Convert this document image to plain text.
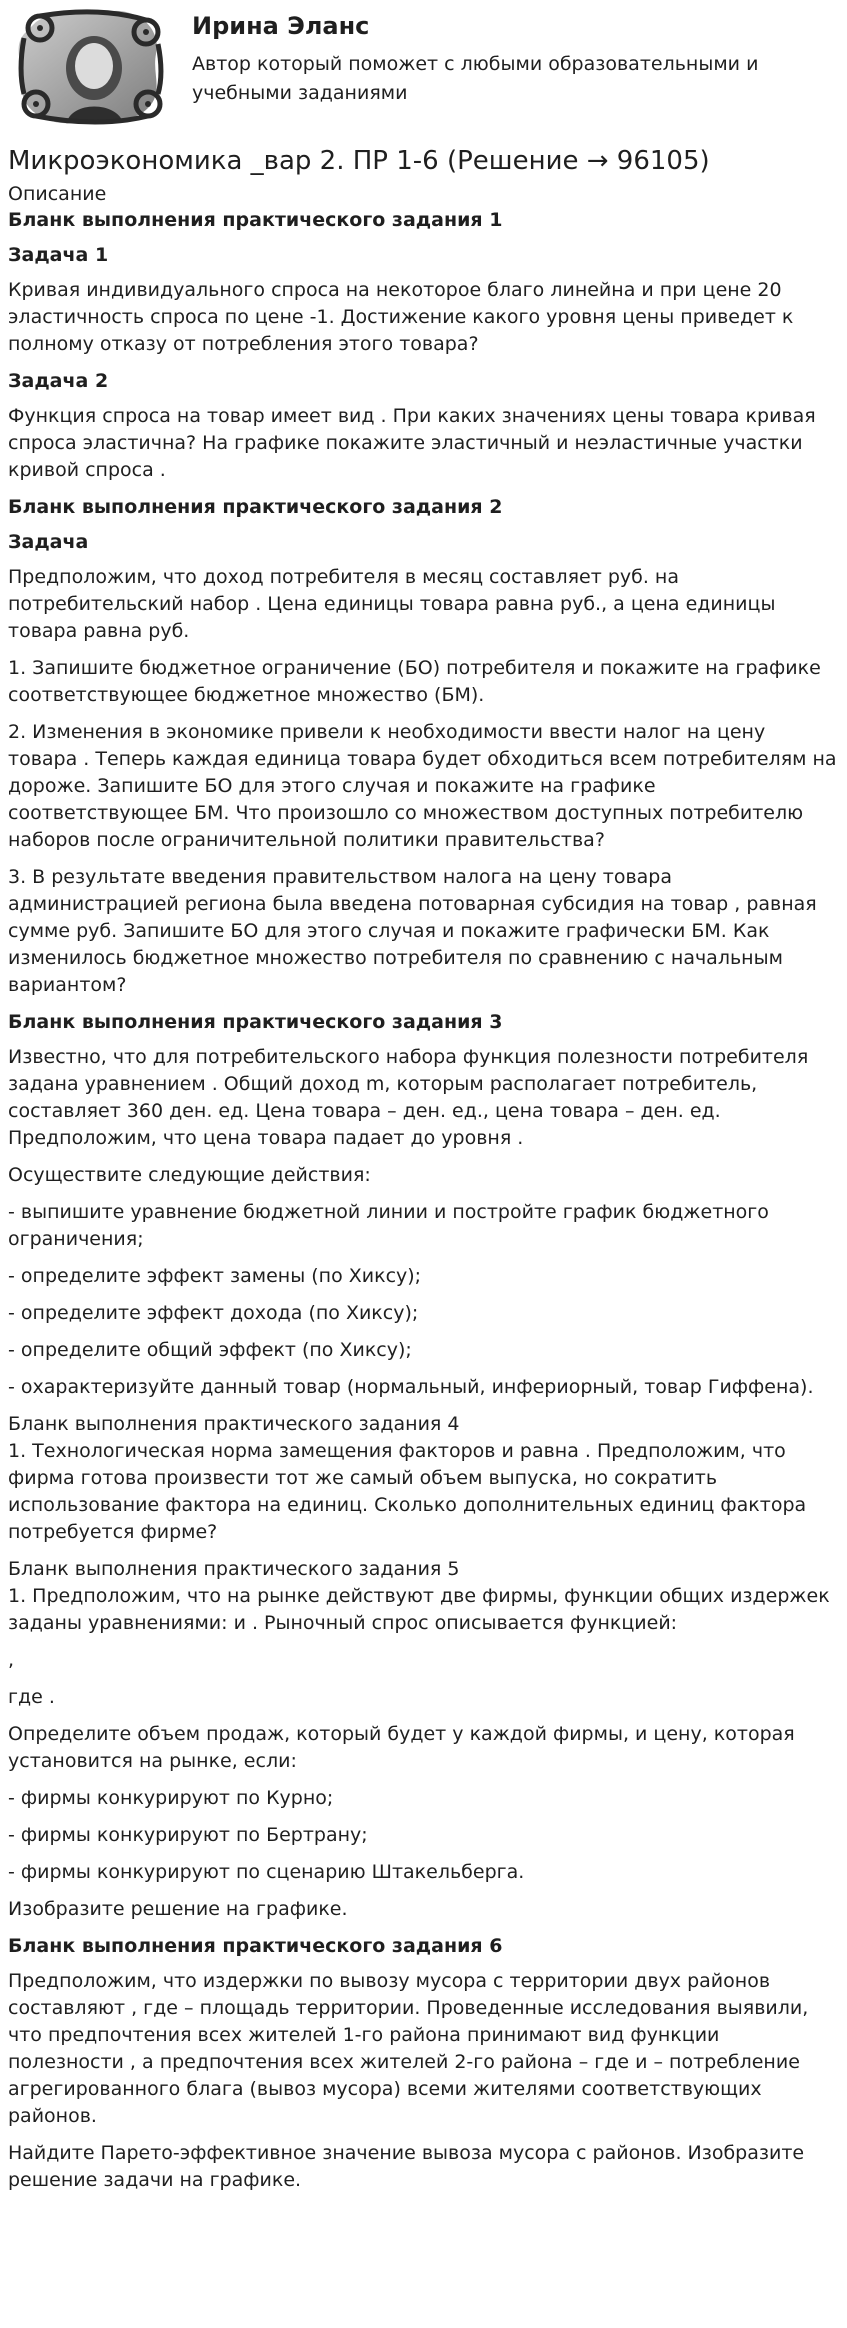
Ирина Эланс

Автор который поможет с любыми образовательными и учебными заданиями

Микроэкономика _вар 2. ПР 1-6 (Решение → 96105)

Описание

Бланк выполнения практического задания 1

Задача 1

Кривая индивидуального спроса на некоторое благо линейна и при цене 20 эластичность спроса по цене -1. Достижение какого уровня цены приведет к полному отказу от потребления этого товара?

Задача 2

Функция спроса на товар имеет вид . При каких значениях цены товара кривая спроса эластична? На графике покажите эластичный и неэластичные участки кривой спроса .

Бланк выполнения практического задания 2

Задача

Предположим, что доход потребителя в месяц составляет руб. на потребительский набор . Цена единицы товара равна руб., а цена единицы товара равна руб.

1. Запишите бюджетное ограничение (БО) потребителя и покажите на графике соответствующее бюджетное множество (БМ).

2. Изменения в экономике привели к необходимости ввести налог на цену товара . Теперь каждая единица товара будет обходиться всем потребителям на дороже. Запишите БО для этого случая и покажите на графике соответствующее БМ. Что произошло со множеством доступных потребителю наборов после ограничительной политики правительства?

3. В результате введения правительством налога на цену товара администрацией региона была введена потоварная субсидия на товар , равная сумме руб. Запишите БО для этого случая и покажите графически БМ. Как изменилось бюджетное множество потребителя по сравнению с начальным вариантом?

Бланк выполнения практического задания 3

Известно, что для потребительского набора функция полезности потребителя задана уравнением . Общий доход m, которым располагает потребитель, составляет 360 ден. ед. Цена товара – ден. ед., цена товара – ден. ед. Предположим, что цена товара падает до уровня .

Осуществите следующие действия:

- выпишите уравнение бюджетной линии и постройте график бюджетного ограничения;

- определите эффект замены (по Хиксу);

- определите эффект дохода (по Хиксу);

- определите общий эффект (по Хиксу);

- охарактеризуйте данный товар (нормальный, инфериорный, товар Гиффена).

Бланк выполнения практического задания 4

1. Технологическая норма замещения факторов и равна . Предположим, что фирма готова произвести тот же самый объем выпуска, но сократить использование фактора на единиц. Сколько дополнительных единиц фактора потребуется фирме?

Бланк выполнения практического задания 5

1. Предположим, что на рынке действуют две фирмы, функции общих издержек заданы уравнениями: и . Рыночный спрос описывается функцией:

,

где .

Определите объем продаж, который будет у каждой фирмы, и цену, которая установится на рынке, если:

- фирмы конкурируют по Курно;

- фирмы конкурируют по Бертрану;

- фирмы конкурируют по сценарию Штакельберга.

Изобразите решение на графике.

Бланк выполнения практического задания 6

Предположим, что издержки по вывозу мусора с территории двух районов составляют , где – площадь территории. Проведенные исследования выявили, что предпочтения всех жителей 1-го района принимают вид функции полезности , а предпочтения всех жителей 2-го района – где и – потребление агрегированного блага (вывоз мусора) всеми жителями соответствующих районов.

Найдите Парето-эффективное значение вывоза мусора с районов. Изобразите решение задачи на графике.
